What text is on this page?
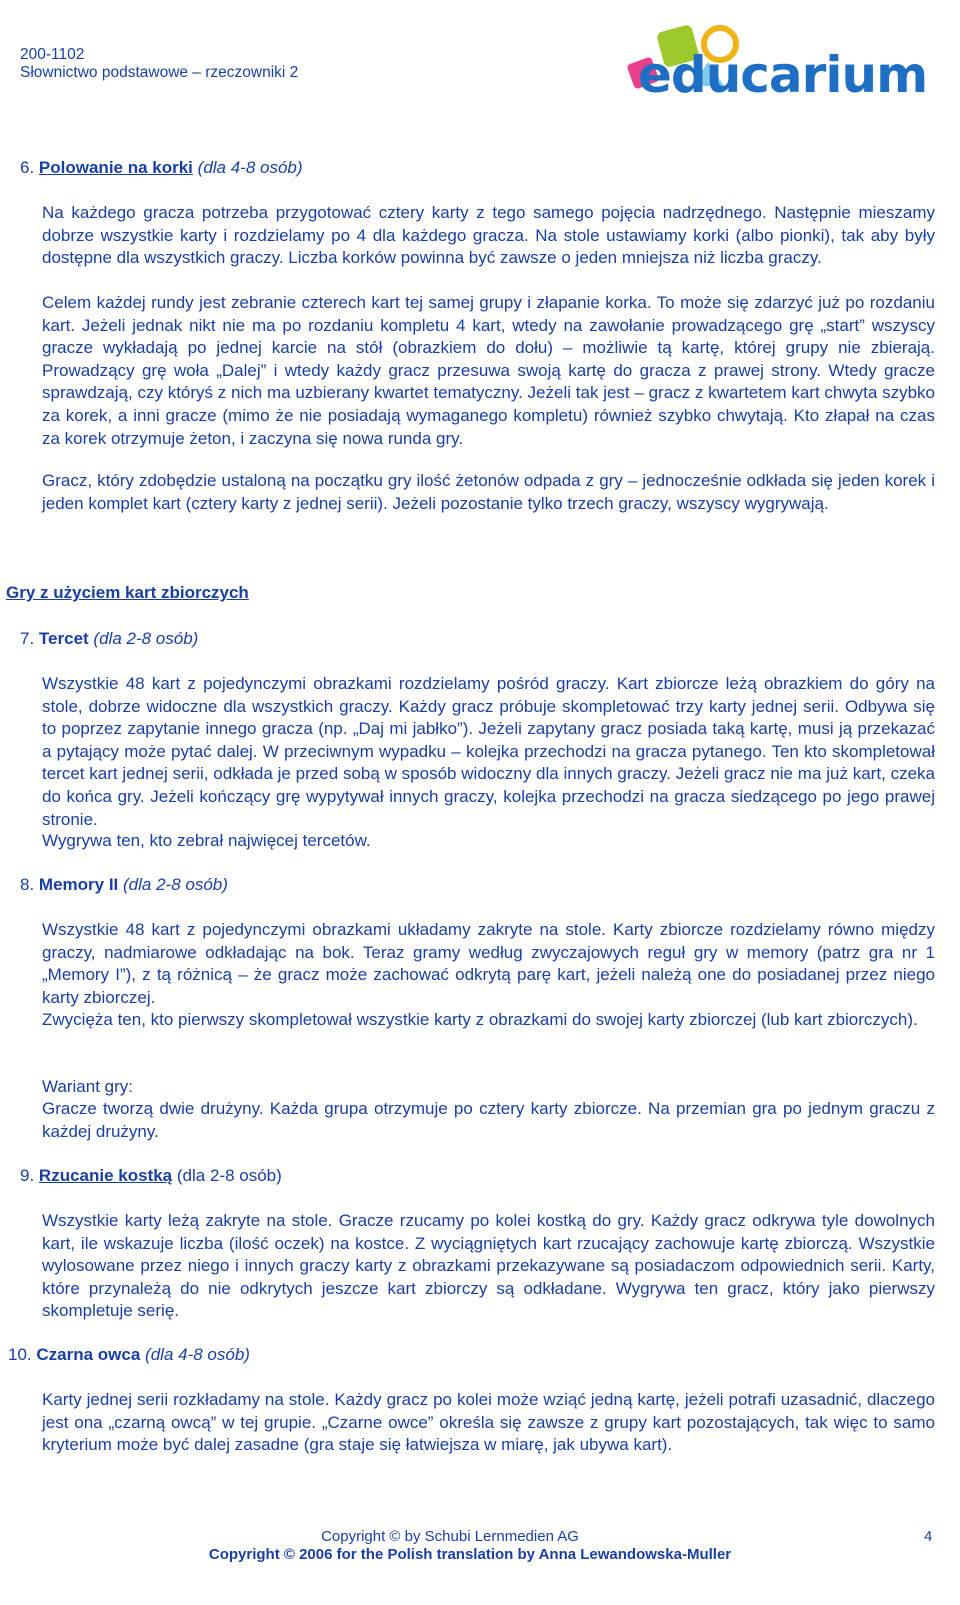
200-1102
Słownictwo podstawowe – rzeczowniki 2	educarium
6. Polowanie na korki (dla 4-8 osób)
Na każdego gracza potrzeba przygotować cztery karty z tego samego pojęcia nadrzędnego. Następnie mieszamy dobrze wszystkie karty i rozdzielamy po 4 dla każdego gracza. Na stole ustawiamy korki (albo pionki), tak aby były dostępne dla wszystkich graczy. Liczba korków powinna być zawsze o jeden mniejsza niż liczba graczy.
Celem każdej rundy jest zebranie czterech kart tej samej grupy i złapanie korka. To może się zdarzyć już po rozdaniu kart. Jeżeli jednak nikt nie ma po rozdaniu kompletu 4 kart, wtedy na zawołanie prowadzącego grę „start” wszyscy gracze wykładają po jednej karcie na stół (obrazkiem do dołu) – możliwie tą kartę, której grupy nie zbierają. Prowadzący grę woła „Dalej” i wtedy każdy gracz przesuwa swoją kartę do gracza z prawej strony. Wtedy gracze sprawdzają, czy któryś z nich ma uzbierany kwartet tematyczny. Jeżeli tak jest – gracz z kwartetem kart chwyta szybko za korek, a inni gracze (mimo że nie posiadają wymaganego kompletu) również szybko chwytają. Kto złapał na czas za korek otrzymuje żeton, i zaczyna się nowa runda gry.
Gracz, który zdobędzie ustaloną na początku gry ilość żetonów odpada z gry – jednocześnie odkłada się jeden korek i jeden komplet kart (cztery karty z jednej serii). Jeżeli pozostanie tylko trzech graczy, wszyscy wygrywają.
Gry z użyciem kart zbiorczych
7. Tercet (dla 2-8 osób)
Wszystkie 48 kart z pojedynczymi obrazkami rozdzielamy pośród graczy. Kart zbiorcze leżą obrazkiem do góry na stole, dobrze widoczne dla wszystkich graczy. Każdy gracz próbuje skompletować trzy karty jednej serii. Odbywa się to poprzez zapytanie innego gracza (np. „Daj mi jabłko”). Jeżeli zapytany gracz posiada taką kartę, musi ją przekazać a pytający może pytać dalej. W przeciwnym wypadku – kolejka przechodzi na gracza pytanego. Ten kto skompletował tercet kart jednej serii, odkłada je przed sobą w sposób widoczny dla innych graczy. Jeżeli gracz nie ma już kart, czeka do końca gry. Jeżeli kończący grę wypytywał innych graczy, kolejka przechodzi na gracza siedzącego po jego prawej stronie.
Wygrywa ten, kto zebrał najwięcej tercetów.
8. Memory II (dla 2-8 osób)
Wszystkie 48 kart z pojedynczymi obrazkami układamy zakryte na stole. Karty zbiorcze rozdzielamy równo między graczy, nadmiarowe odkładając na bok. Teraz gramy według zwyczajowych reguł gry w memory (patrz gra nr 1 „Memory I”), z tą różnicą – że gracz może zachować odkrytą parę kart, jeżeli należą one do posiadanej przez niego karty zbiorczej.
Zwycięża ten, kto pierwszy skompletował wszystkie karty z obrazkami do swojej karty zbiorczej (lub kart zbiorczych).
Wariant gry:
Gracze tworzą dwie drużyny. Każda grupa otrzymuje po cztery karty zbiorcze. Na przemian gra po jednym graczu z każdej drużyny.
9. Rzucanie kostką (dla 2-8 osób)
Wszystkie karty leżą zakryte na stole. Gracze rzucamy po kolei kostką do gry. Każdy gracz odkrywa tyle dowolnych kart, ile wskazuje liczba (ilość oczek) na kostce. Z wyciągniętych kart rzucający zachowuje kartę zbiorczą. Wszystkie wylosowane przez niego i innych graczy karty z obrazkami przekazywane są posiadaczom odpowiednich serii. Karty, które przynależą do nie odkrytych jeszcze kart zbiorczy są odkładane. Wygrywa ten gracz, który jako pierwszy skompletuje serię.
10. Czarna owca (dla 4-8 osób)
Karty jednej serii rozkładamy na stole. Każdy gracz po kolei może wziąć jedną kartę, jeżeli potrafi uzasadnić, dlaczego jest ona „czarną owcą” w tej grupie. „Czarne owce” określa się zawsze z grupy kart pozostających, tak więc to samo kryterium może być dalej zasadne (gra staje się łatwiejsza w miarę, jak ubywa kart).
Copyright © by Schubi Lernmedien AG
Copyright © 2006 for the Polish translation by Anna Lewandowska-Muller
4
